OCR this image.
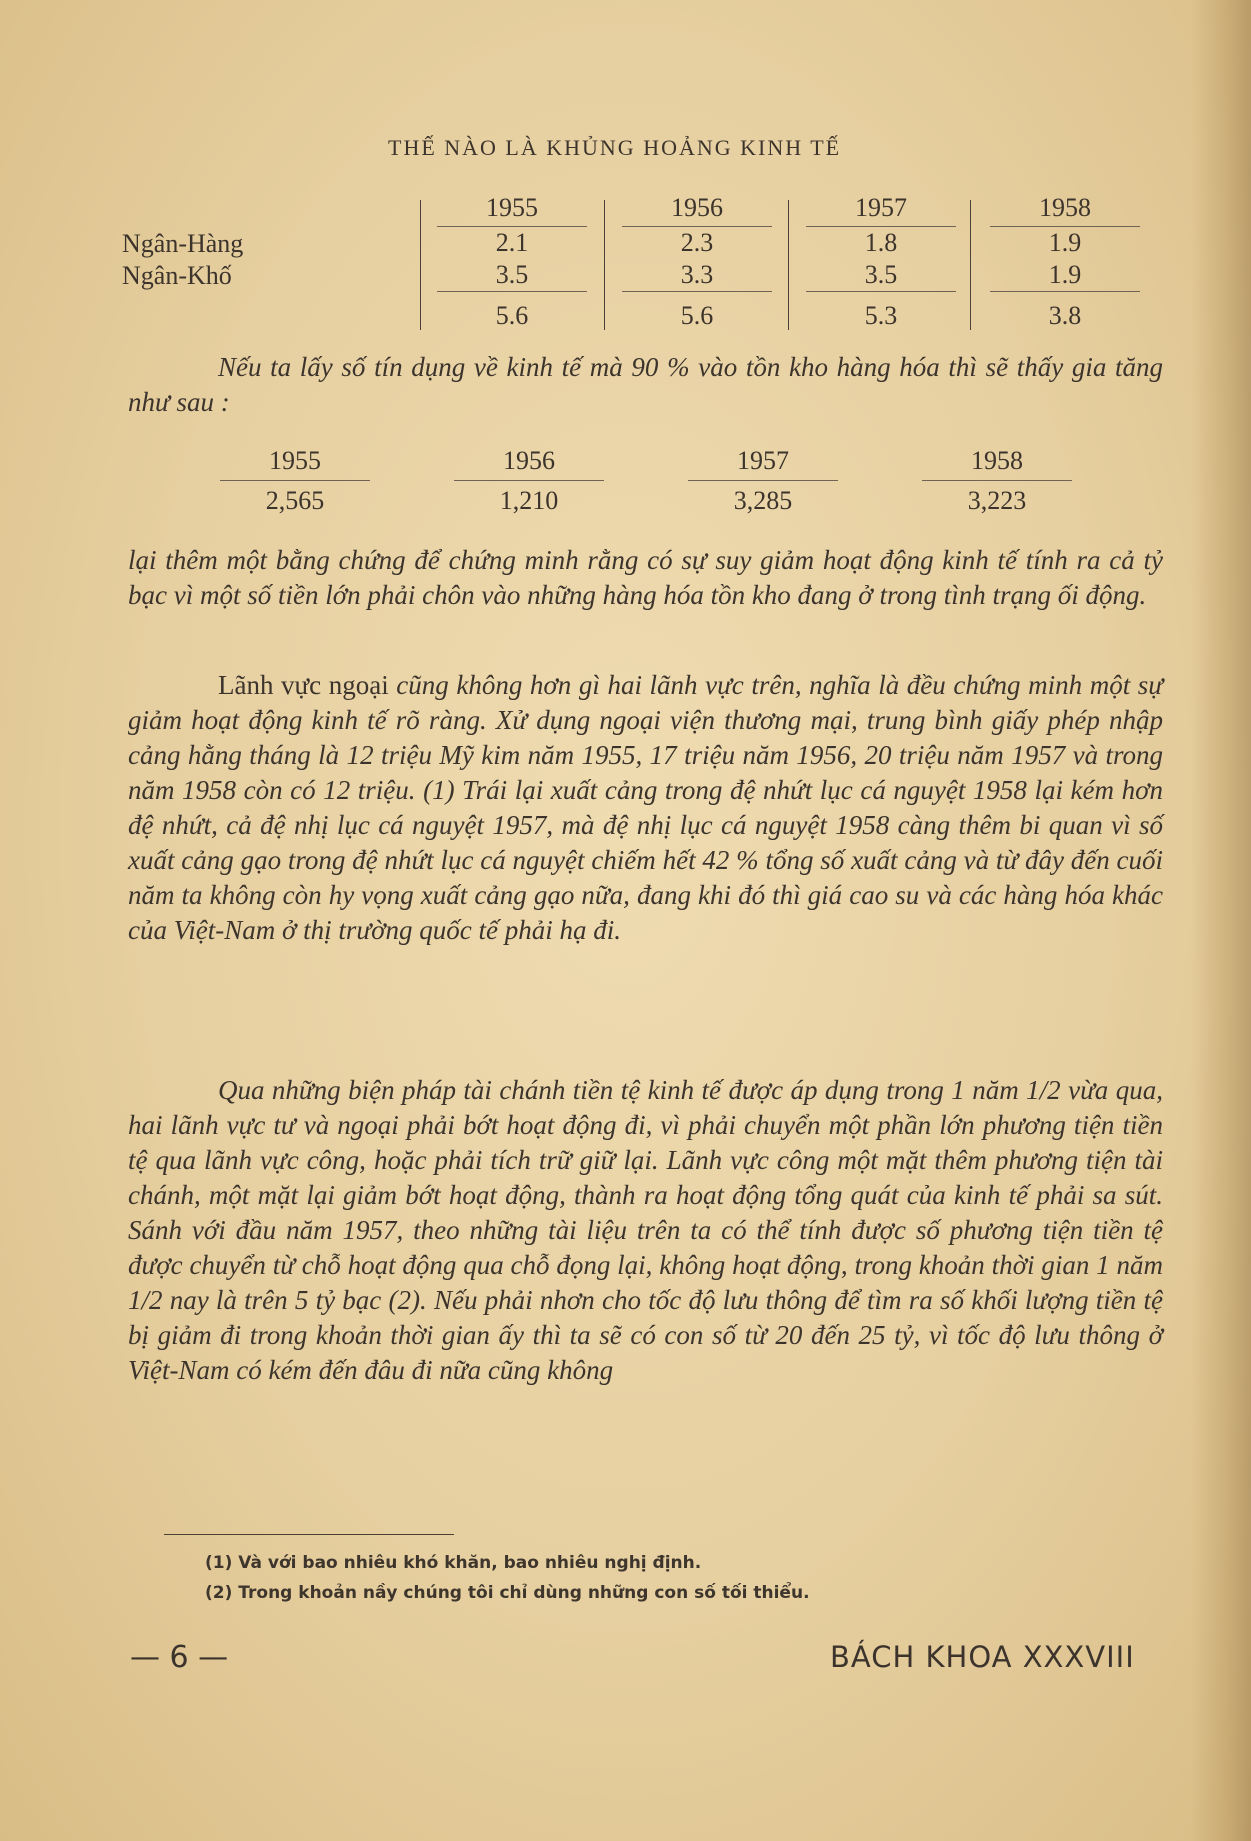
THẾ NÀO LÀ KHỦNG HOẢNG KINH TẾ
Ngân-Hàng
Ngân-Khố
1955
2.1
3.5
5.6
1956
2.3
3.3
5.6
1957
1.8
3.5
5.3
1958
1.9
1.9
3.8
Nếu ta lấy số tín dụng về kinh tế mà 90 % vào tồn kho hàng hóa thì sẽ thấy gia tăng như sau :
1955
2,565
1956
1,210
1957
3,285
1958
3,223
lại thêm một bằng chứng để chứng minh rằng có sự suy giảm hoạt động kinh tế tính ra cả tỷ bạc vì một số tiền lớn phải chôn vào những hàng hóa tồn kho đang ở trong tình trạng ối động.
Lãnh vực ngoại cũng không hơn gì hai lãnh vực trên, nghĩa là đều chứng minh một sự giảm hoạt động kinh tế rõ ràng. Xử dụng ngoại viện thương mại, trung bình giấy phép nhập cảng hằng tháng là 12 triệu Mỹ kim năm 1955, 17 triệu năm 1956, 20 triệu năm 1957 và trong năm 1958 còn có 12 triệu. (1) Trái lại xuất cảng trong đệ nhứt lục cá nguyệt 1958 lại kém hơn đệ nhứt, cả đệ nhị lục cá nguyệt 1957, mà đệ nhị lục cá nguyệt 1958 càng thêm bi quan vì số xuất cảng gạo trong đệ nhứt lục cá nguyệt chiếm hết 42 % tổng số xuất cảng và từ đây đến cuối năm ta không còn hy vọng xuất cảng gạo nữa, đang khi đó thì giá cao su và các hàng hóa khác của Việt-Nam ở thị trường quốc tế phải hạ đi.
Qua những biện pháp tài chánh tiền tệ kinh tế được áp dụng trong 1 năm 1/2 vừa qua, hai lãnh vực tư và ngoại phải bớt hoạt động đi, vì phải chuyển một phần lớn phương tiện tiền tệ qua lãnh vực công, hoặc phải tích trữ giữ lại. Lãnh vực công một mặt thêm phương tiện tài chánh, một mặt lại giảm bớt hoạt động, thành ra hoạt động tổng quát của kinh tế phải sa sút. Sánh với đầu năm 1957, theo những tài liệu trên ta có thể tính được số phương tiện tiền tệ được chuyển từ chỗ hoạt động qua chỗ đọng lại, không hoạt động, trong khoản thời gian 1 năm 1/2 nay là trên 5 tỷ bạc (2). Nếu phải nhơn cho tốc độ lưu thông để tìm ra số khối lượng tiền tệ bị giảm đi trong khoản thời gian ấy thì ta sẽ có con số từ 20 đến 25 tỷ, vì tốc độ lưu thông ở Việt-Nam có kém đến đâu đi nữa cũng không
(1) Và với bao nhiêu khó khăn, bao nhiêu nghị định.
(2) Trong khoản nầy chúng tôi chỉ dùng những con số tối thiểu.
— 6 —	BÁCH KHOA XXXVIII
